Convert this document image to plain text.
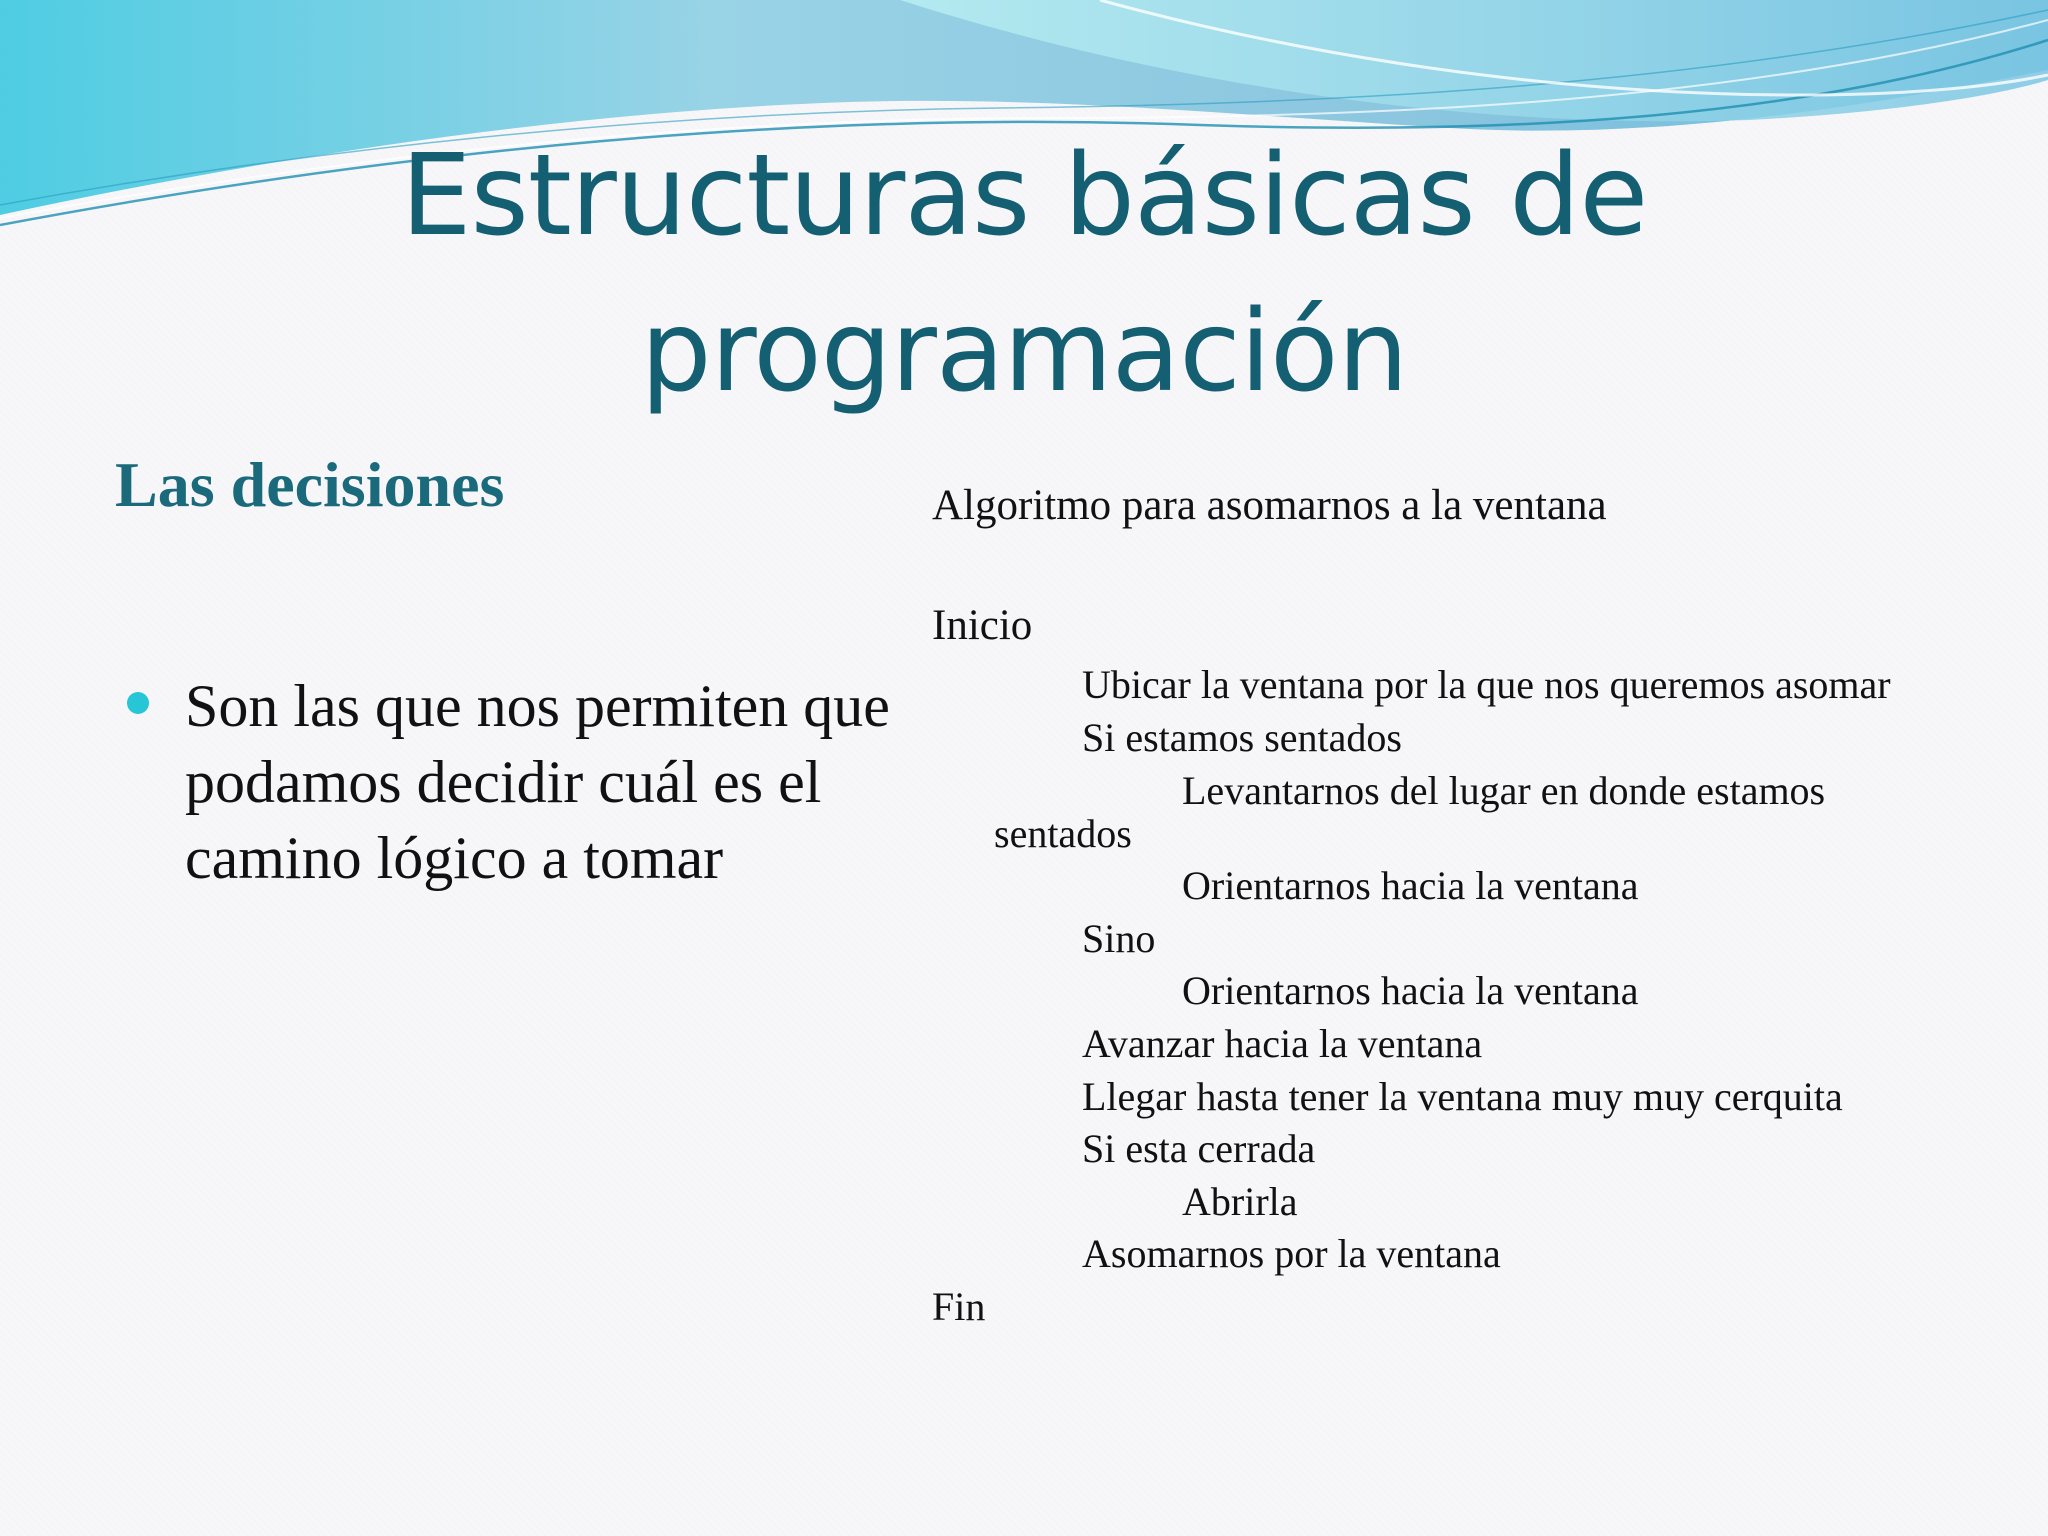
Estructuras básicas de
programación
Las decisiones
Son las que nos permiten que podamos decidir cuál es el camino lógico a tomar
Algoritmo para asomarnos a la ventana
Inicio
Ubicar la ventana por la que nos queremos asomar
Si estamos sentados
Levantarnos del lugar en donde estamos
sentados
Orientarnos hacia la ventana
Sino
Orientarnos hacia la ventana
Avanzar hacia la ventana
Llegar hasta tener la ventana muy muy cerquita
Si esta cerrada
Abrirla
Asomarnos por la ventana
Fin
